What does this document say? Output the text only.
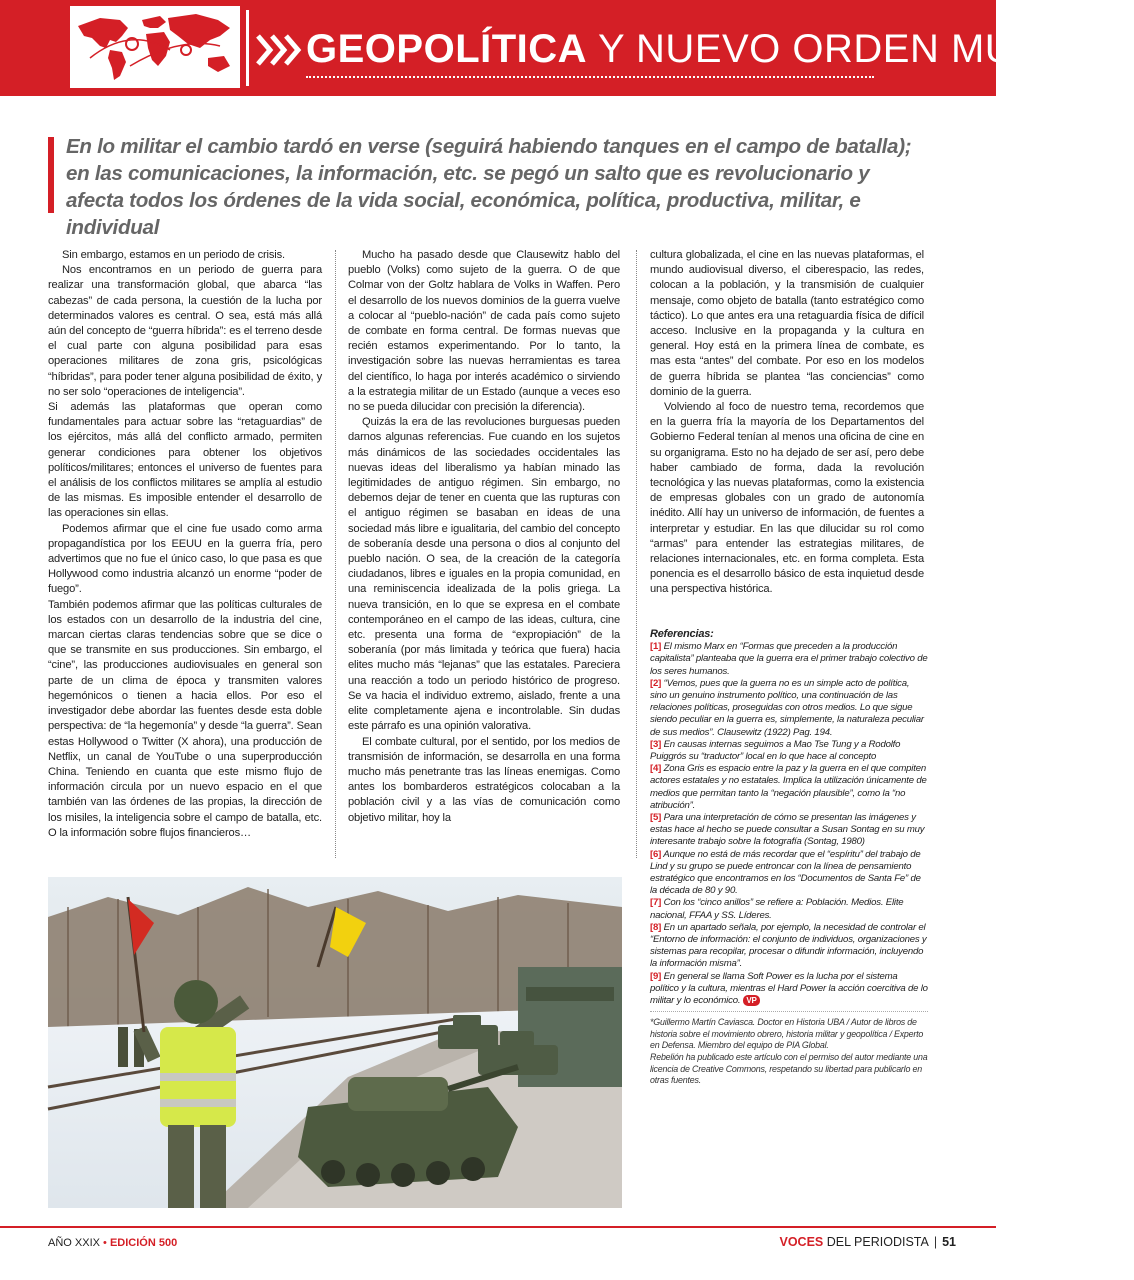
GEOPOLÍTICA Y NUEVO ORDEN MUNDIAL
En lo militar el cambio tardó en verse (seguirá habiendo tanques en el campo de batalla); en las comunicaciones, la información, etc. se pegó un salto que es revolucionario y afecta todos los órdenes de la vida social, económica, política, productiva, militar, e individual

Sin embargo, estamos en un periodo de crisis.

Nos encontramos en un periodo de guerra para realizar una transformación global, que abarca “las cabezas” de cada persona, la cuestión de la lucha por determinados valores es central. O sea, está más allá aún del concepto de “guerra híbrida”: es el terreno desde el cual parte con alguna posibilidad para esas operaciones militares de zona gris, psicológicas “híbridas”, para poder tener alguna posibilidad de éxito, y no ser solo “operaciones de inteligencia”.

Si además las plataformas que operan como fundamentales para actuar sobre las “retaguardias” de los ejércitos, más allá del conflicto armado, permiten generar condiciones para obtener los objetivos políticos/militares; entonces el universo de fuentes para el análisis de los conflictos militares se amplía al estudio de las mismas. Es imposible entender el desarrollo de las operaciones sin ellas.

Podemos afirmar que el cine fue usado como arma propagandística por los EEUU en la guerra fría, pero advertimos que no fue el único caso, lo que pasa es que Hollywood como industria alcanzó un enorme “poder de fuego”.

También podemos afirmar que las políticas culturales de los estados con un desarrollo de la industria del cine, marcan ciertas claras tendencias sobre que se dice o que se transmite en sus producciones. Sin embargo, el “cine”, las producciones audiovisuales en general son parte de un clima de época y transmiten valores hegemónicos o tienen a hacia ellos. Por eso el investigador debe abordar las fuentes desde esta doble perspectiva: de “la hegemonía” y desde “la guerra”. Sean estas Hollywood o Twitter (X ahora), una producción de Netflix, un canal de YouTube o una superproducción China. Teniendo en cuanta que este mismo flujo de información circula por un nuevo espacio en el que también van las órdenes de las propias, la dirección de los misiles, la inteligencia sobre el campo de batalla, etc. O la información sobre flujos financieros…

Mucho ha pasado desde que Clausewitz hablo del pueblo (Volks) como sujeto de la guerra. O de que Colmar von der Goltz hablara de Volks in Waffen. Pero el desarrollo de los nuevos dominios de la guerra vuelve a colocar al “pueblo-nación” de cada país como sujeto de combate en forma central. De formas nuevas que recién estamos experimentando. Por lo tanto, la investigación sobre las nuevas herramientas es tarea del científico, lo haga por interés académico o sirviendo a la estrategia militar de un Estado (aunque a veces eso no se pueda dilucidar con precisión la diferencia).

Quizás la era de las revoluciones burguesas pueden darnos algunas referencias. Fue cuando en los sujetos más dinámicos de las sociedades occidentales las nuevas ideas del liberalismo ya habían minado las legitimidades de antiguo régimen. Sin embargo, no debemos dejar de tener en cuenta que las rupturas con el antiguo régimen se basaban en ideas de una sociedad más libre e igualitaria, del cambio del concepto de soberanía desde una persona o dios al conjunto del pueblo nación. O sea, de la creación de la categoría ciudadanos, libres e iguales en la propia comunidad, en una reminiscencia idealizada de la polis griega. La nueva transición, en lo que se expresa en el combate contemporáneo en el campo de las ideas, cultura, cine etc. presenta una forma de “expropiación” de la soberanía (por más limitada y teórica que fuera) hacia elites mucho más “lejanas” que las estatales. Pareciera una reacción a todo un periodo histórico de progreso. Se va hacia el individuo extremo, aislado, frente a una elite completamente ajena e incontrolable. Sin dudas este párrafo es una opinión valorativa.

El combate cultural, por el sentido, por los medios de transmisión de información, se desarrolla en una forma mucho más penetrante tras las líneas enemigas. Como antes los bombarderos estratégicos colocaban a la población civil y a las vías de comunicación como objetivo militar, hoy la

cultura globalizada, el cine en las nuevas plataformas, el mundo audiovisual diverso, el ciberespacio, las redes, colocan a la población, y la transmisión de cualquier mensaje, como objeto de batalla (tanto estratégico como táctico). Lo que antes era una retaguardia física de difícil acceso. Inclusive en la propaganda y la cultura en general. Hoy está en la primera línea de combate, es mas esta “antes” del combate. Por eso en los modelos de guerra híbrida se plantea “las conciencias” como dominio de la guerra.

Volviendo al foco de nuestro tema, recordemos que en la guerra fría la mayoría de los Departamentos del Gobierno Federal tenían al menos una oficina de cine en su organigrama. Esto no ha dejado de ser así, pero debe haber cambiado de forma, dada la revolución tecnológica y las nuevas plataformas, como la existencia de empresas globales con un grado de autonomía inédito. Allí hay un universo de información, de fuentes a interpretar y estudiar. En las que dilucidar su rol como “armas” para entender las estrategias militares, de relaciones internacionales, etc. en forma completa. Esta ponencia es el desarrollo básico de esta inquietud desde una perspectiva histórica.

Referencias:

[1] El mismo Marx en “Formas que preceden a la producción capitalista” planteaba que la guerra era el primer trabajo colectivo de los seres humanos.

[2] “Vemos, pues que la guerra no es un simple acto de política, sino un genuino instrumento político, una continuación de las relaciones políticas, proseguidas con otros medios. Lo que sigue siendo peculiar en la guerra es, simplemente, la naturaleza peculiar de sus medios”. Clausewitz (1922) Pag. 194.

[3] En causas internas seguimos a Mao Tse Tung y a Rodolfo Puiggrós su “traductor” local en lo que hace al concepto

[4] Zona Gris es espacio entre la paz y la guerra en el que compiten actores estatales y no estatales. Implica la utilización únicamente de medios que permitan tanto la “negación plausible”, como la “no atribución”.

[5] Para una interpretación de cómo se presentan las imágenes y estas hace al hecho se puede consultar a Susan Sontag en su muy interesante trabajo sobre la fotografía (Sontag, 1980)

[6] Aunque no está de más recordar que el “espíritu” del trabajo de Lind y su grupo se puede entroncar con la línea de pensamiento estratégico que encontramos en los “Documentos de Santa Fe” de la década de 80 y 90.

[7] Con los “cinco anillos” se refiere a: Población. Medios. Elite nacional, FFAA y SS. Líderes.

[8] En un apartado señala, por ejemplo, la necesidad de controlar el “Entorno de información: el conjunto de individuos, organizaciones y sistemas para recopilar, procesar o difundir información, incluyendo la información misma”.

[9] En general se llama Soft Power es la lucha por el sistema político y la cultura, mientras el Hard Power la acción coercitiva de lo militar y lo económico. VP

*Guillermo Martín Caviasca. Doctor en Historia UBA / Autor de libros de historia sobre el movimiento obrero, historia militar y geopolítica / Experto en Defensa. Miembro del equipo de PIA Global.
Rebelión ha publicado este artículo con el permiso del autor mediante una licencia de Creative Commons, respetando su libertad para publicarlo en otras fuentes.
AÑO XXIX • EDICIÓN 500	VOCES DEL PERIODISTA | 51
